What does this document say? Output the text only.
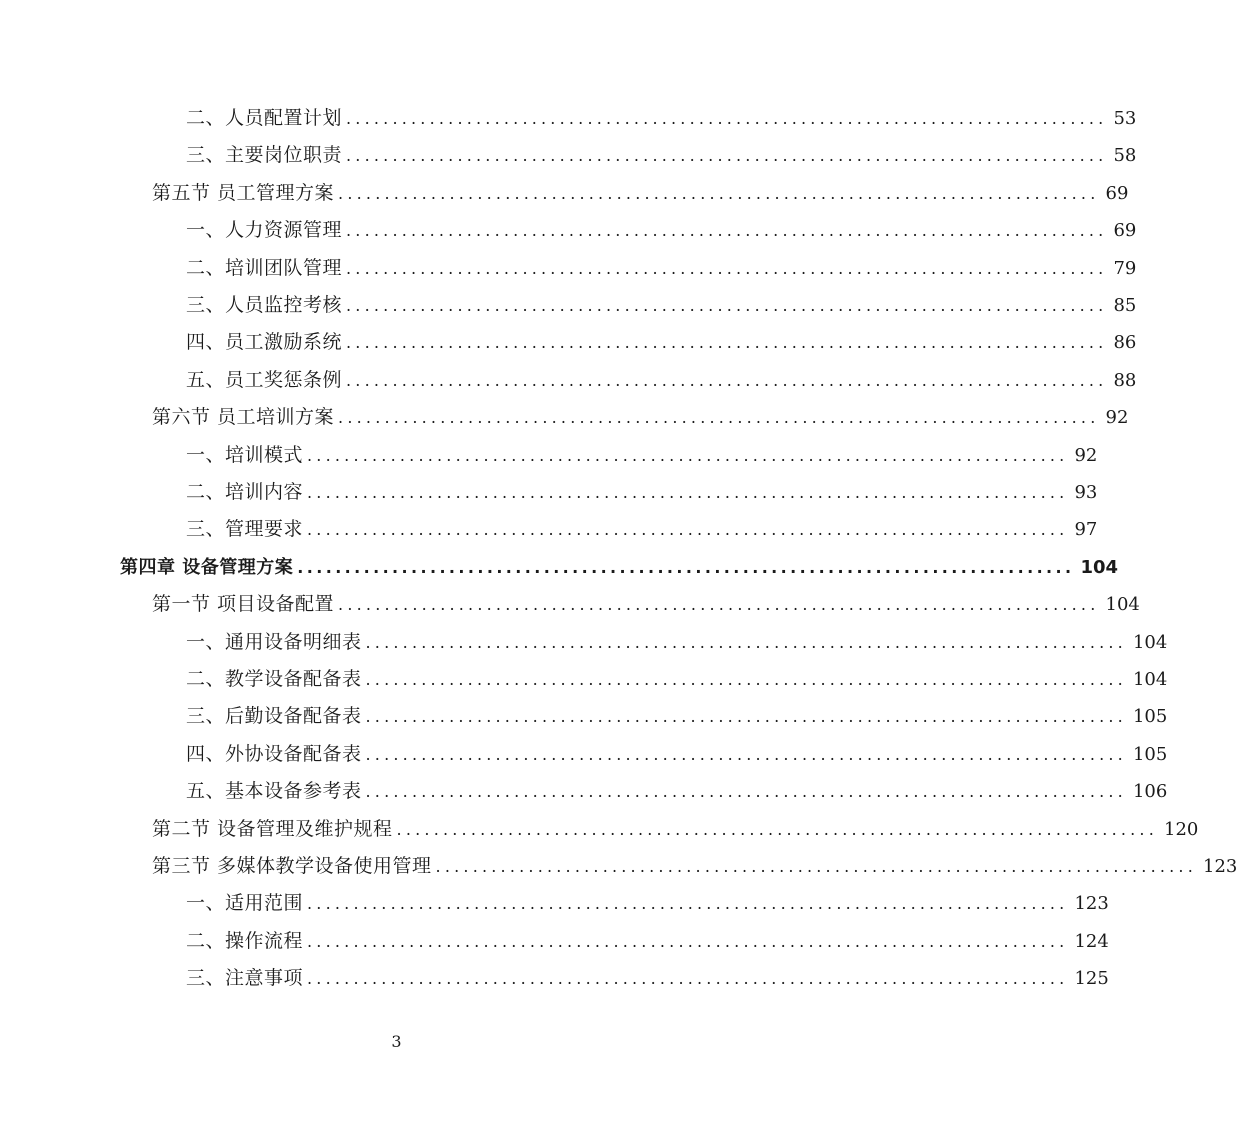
二、人员配置计划 .................................................................................. 53
三、主要岗位职责 .................................................................................. 58
第五节 员工管理方案 .................................................................................. 69
一、人力资源管理 .................................................................................. 69
二、培训团队管理 .................................................................................. 79
三、人员监控考核 .................................................................................. 85
四、员工激励系统 .................................................................................. 86
五、员工奖惩条例 .................................................................................. 88
第六节 员工培训方案 .................................................................................. 92
一、培训模式 .................................................................................. 92
二、培训内容 .................................................................................. 93
三、管理要求 .................................................................................. 97
第四章 设备管理方案 .................................................................................. 104
第一节 项目设备配置 .................................................................................. 104
一、通用设备明细表 .................................................................................. 104
二、教学设备配备表 .................................................................................. 104
三、后勤设备配备表 .................................................................................. 105
四、外协设备配备表 .................................................................................. 105
五、基本设备参考表 .................................................................................. 106
第二节 设备管理及维护规程 .................................................................................. 120
第三节 多媒体教学设备使用管理 .................................................................................. 123
一、适用范围 .................................................................................. 123
二、操作流程 .................................................................................. 124
三、注意事项 .................................................................................. 125
3
